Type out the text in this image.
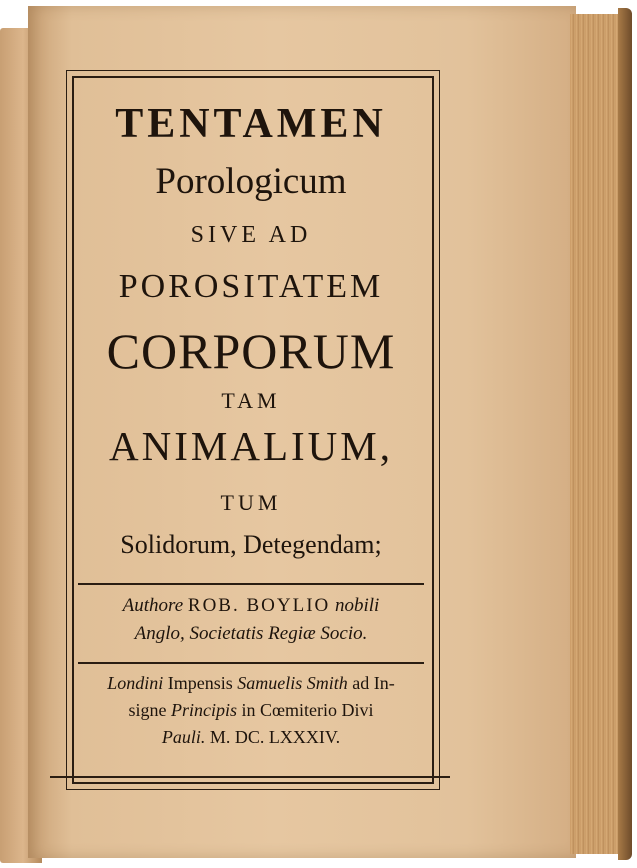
TENTAMEN
Porologicum
SIVE AD
POROSITATEM
CORPORUM
TAM
ANIMALIUM,
TUM
Solidorum, Detegendam;
Authore ROB. BOYLIO nobili
Anglo, Societatis Regiæ Socio.
Londini Impensis Samuelis Smith ad In-
signe Principis in Cœmiterio Divi
Pauli. M. DC. LXXXIV.
